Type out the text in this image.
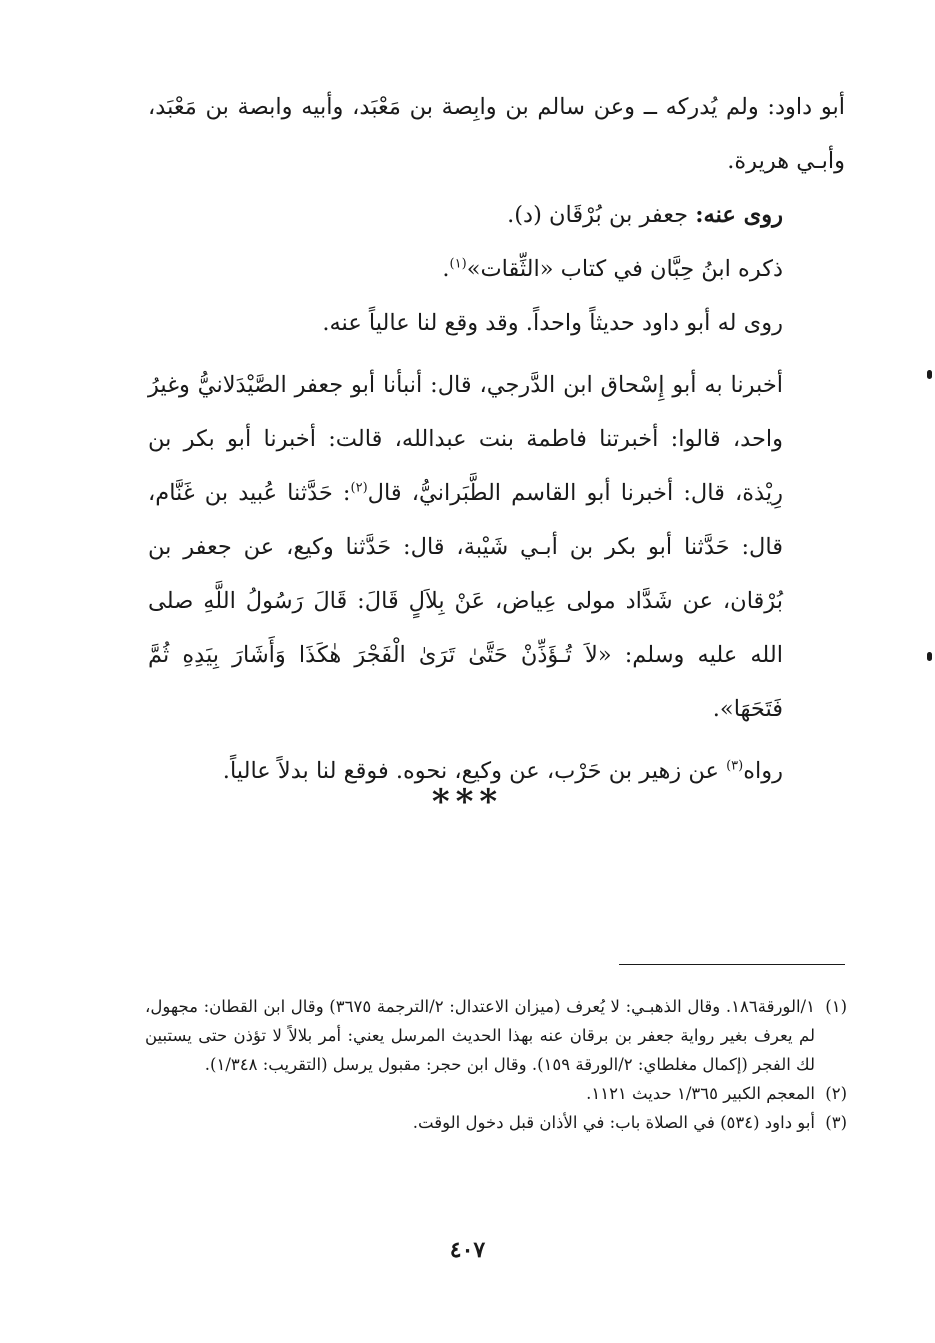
أبو داود: ولم يُدركه ــ وعن سالم بن وابِصة بن مَعْبَد، وأبيه وابصة بن مَعْبَد، وأبـي هريرة.

روى عنه: جعفر بن بُرْقَان (د).

ذكره ابنُ حِبَّان في كتاب «الثِّقات»$^{(١)}$.

روى له أبو داود حديثاً واحداً. وقد وقع لنا عالياً عنه.

أخبرنا به أبو إِسْحاق ابن الدَّرجي، قال: أنبأنا أبو جعفر الصَّيْدَلانيُّ وغيرُ واحد، قالوا: أخبرتنا فاطمة بنت عبدالله، قالت: أخبرنا أبو بكر بن رِيْذة، قال: أخبرنا أبو القاسم الطَّبَرانيُّ، قال$^{(٢)}$: حَدَّثنا عُبيد بن غَنَّام، قال: حَدَّثنا أبو بكر بن أبـي شَيْبة، قال: حَدَّثنا وكيع، عن جعفر بن بُرْقان، عن شَدَّاد مولى عِياض، عَنْ بِلاَلٍ قَالَ: قَالَ رَسُولُ اللَّهِ صلى الله عليه وسلم: «لاَ تُـؤَذِّنْ حَتَّىٰ تَرَىٰ الْفَجْرَ هٰكَذَا وَأَشَارَ بِيَدِهِ ثُمَّ فَتَحَهَا».

رواه$^{(٣)}$ عن زهير بن حَرْب، عن وكيع، نحوه. فوقع لنا بدلاً عالياً.

***

(١)
١/الورقة١٨٦. وقال الذهبـي: لا يُعرف (ميزان الاعتدال: ٢/الترجمة ٣٦٧٥) وقال ابن القطان: مجهول، لم يعرف بغير رواية جعفر بن برقان عنه بهذا الحديث المرسل يعني: أمر بلالاً لا تؤذن حتى يستبين لك الفجر (إكمال مغلطاي: ٢/الورقة ١٥٩). وقال ابن حجر: مقبول يرسل (التقريب: ١/٣٤٨).

(٢)
المعجم الكبير ١/٣٦٥ حديث ١١٢١.

(٣)
أبو داود (٥٣٤) في الصلاة باب: في الأذان قبل دخول الوقت.

٤٠٧
